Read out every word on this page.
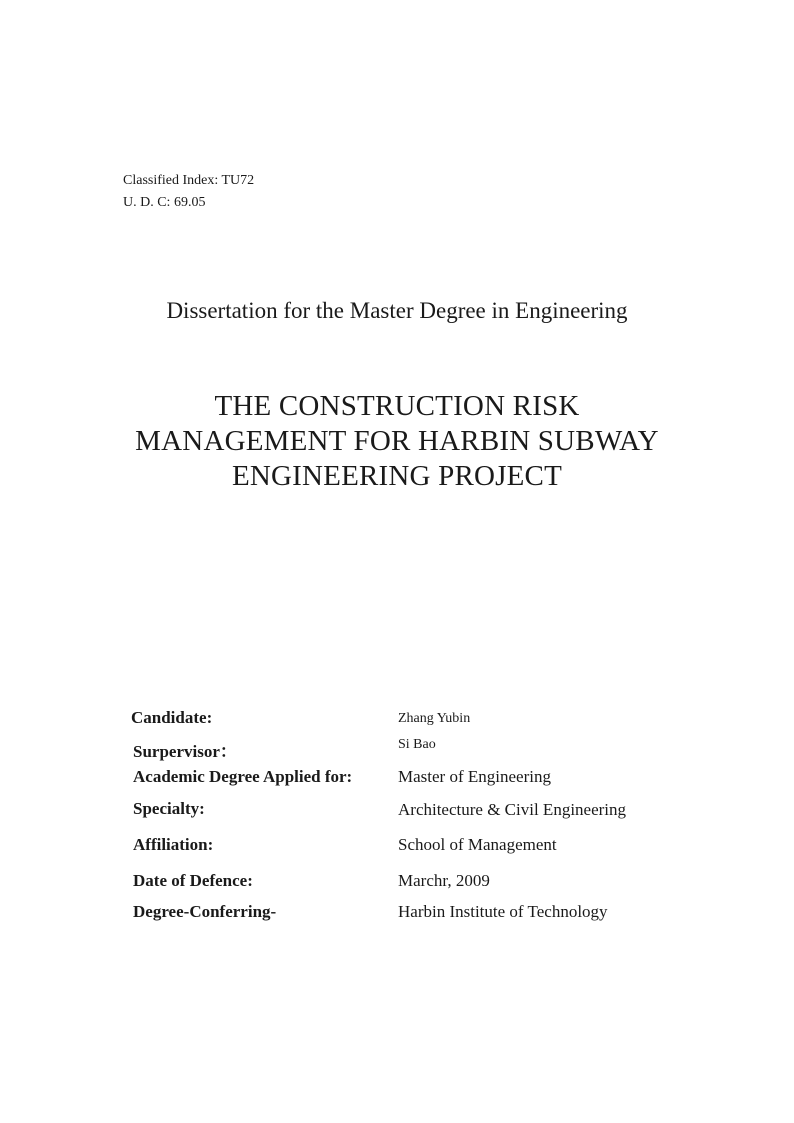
Classified Index: TU72
U. D. C: 69.05
Dissertation for the Master Degree in Engineering
THE CONSTRUCTION RISK
MANAGEMENT FOR HARBIN SUBWAY
ENGINEERING PROJECT
Candidate:	Zhang Yubin
Surpervisor：	Si Bao
Academic Degree Applied for:	Master of Engineering
Specialty:	Architecture & Civil Engineering
Affiliation:	School of Management
Date of Defence:	Marchr, 2009
Degree-Conferring-	Harbin Institute of Technology
